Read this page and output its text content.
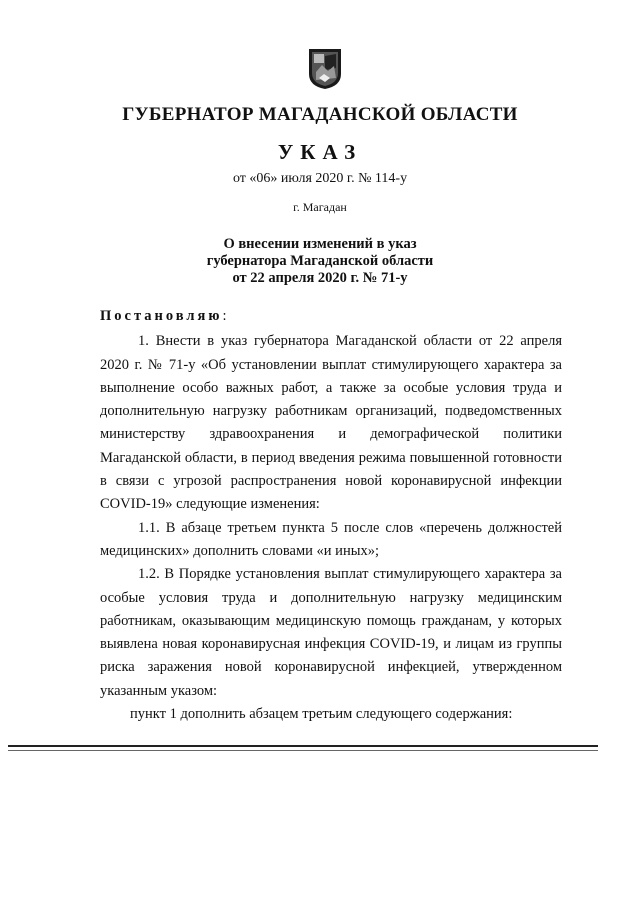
ГУБЕРНАТОР МАГАДАНСКОЙ ОБЛАСТИ
УКАЗ
от «06» июля 2020 г. № 114-у
г. Магадан
О внесении изменений в указ
губернатора Магаданской области
от 22 апреля 2020 г. № 71-у

Постановляю:

1. Внести в указ губернатора Магаданской области от 22 апреля 2020 г. № 71-у «Об установлении выплат стимулирующего характера за выполнение особо важных работ, а также за особые условия труда и дополнительную нагрузку работникам организаций, подведомственных министерству здравоохранения и демографической политики Магаданской области, в период введения режима повышенной готовности в связи с угрозой распространения новой коронавирусной инфекции COVID-19» следующие изменения:

1.1. В абзаце третьем пункта 5 после слов «перечень должностей медицинских» дополнить словами «и иных»;

1.2. В Порядке установления выплат стимулирующего характера за особые условия труда и дополнительную нагрузку медицинским работникам, оказывающим медицинскую помощь гражданам, у которых выявлена новая коронавирусная инфекция COVID-19, и лицам из группы риска заражения новой коронавирусной инфекцией, утвержденном указанным указом:

пункт 1 дополнить абзацем третьим следующего содержания:
